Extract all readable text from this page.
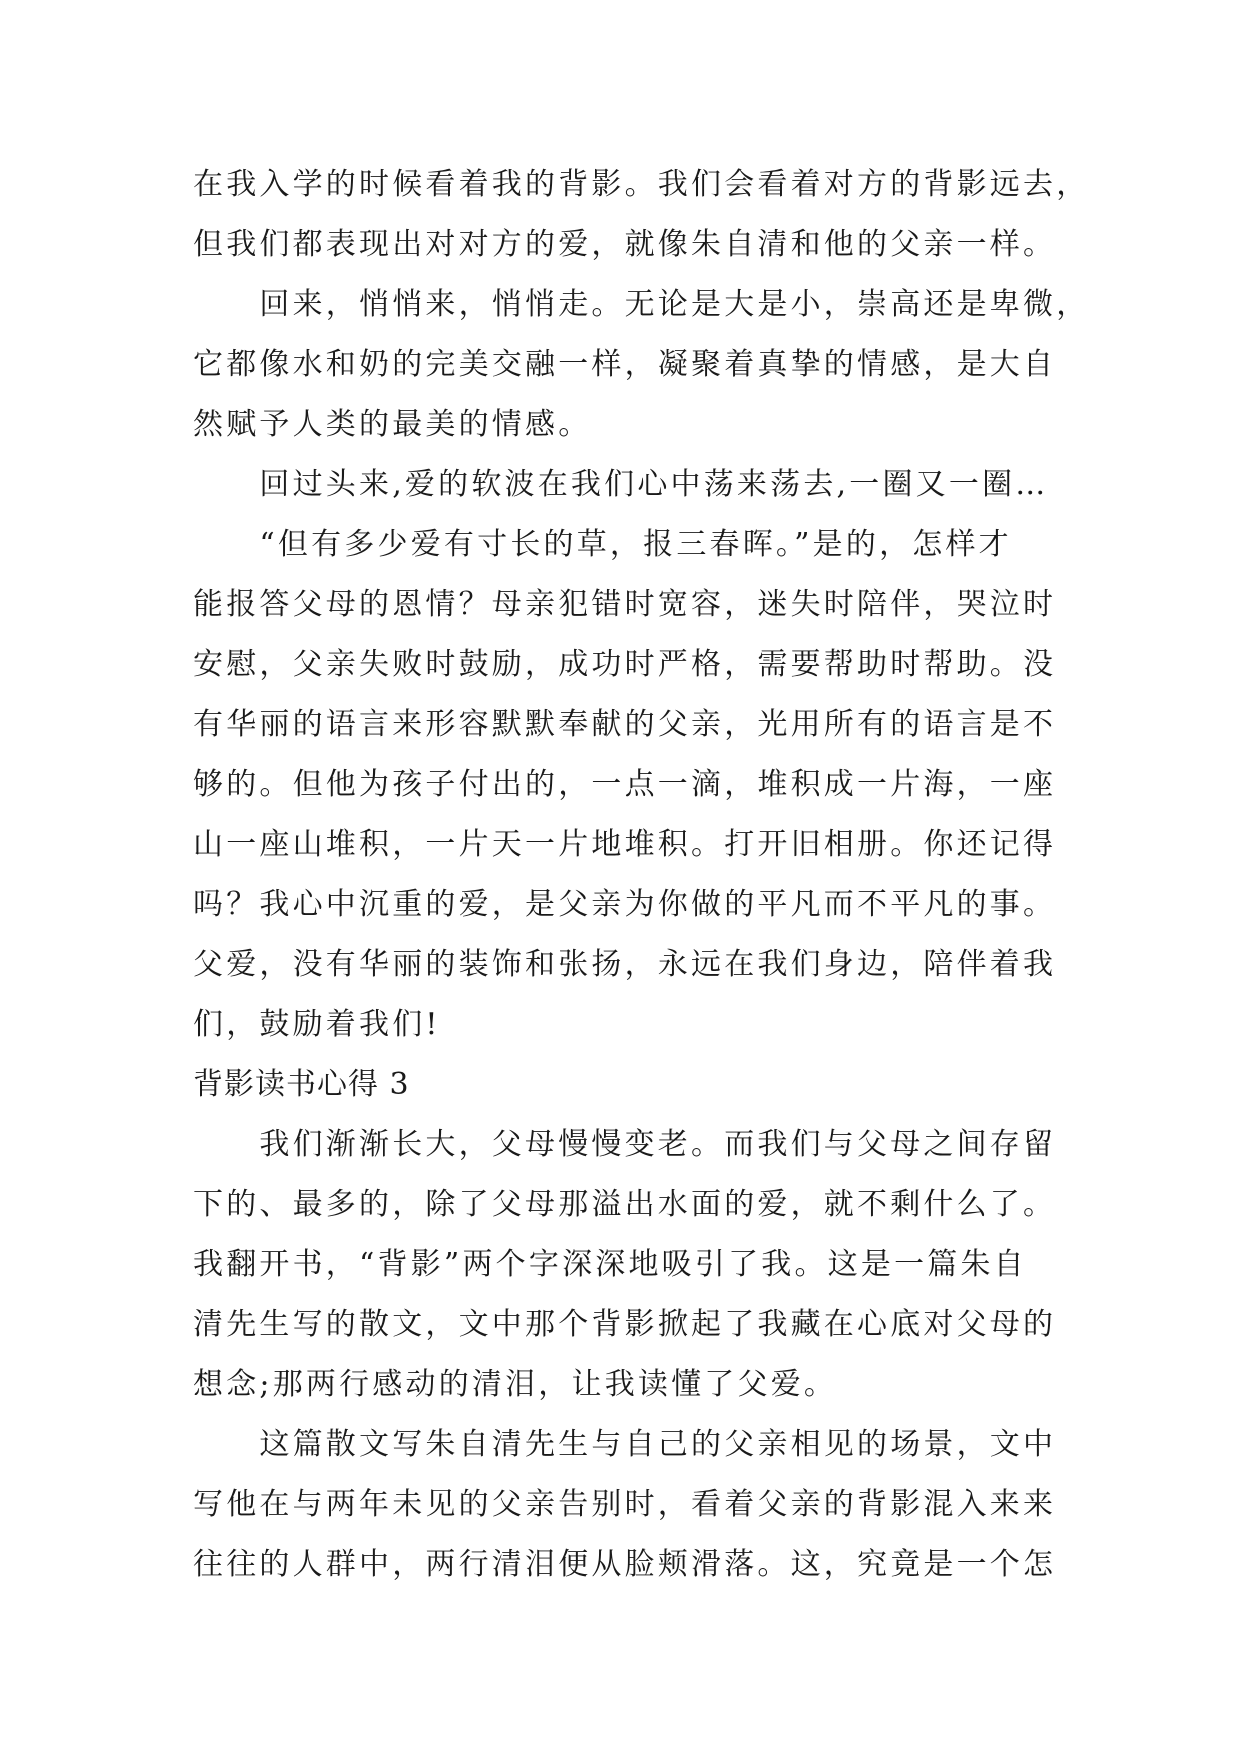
在我入学的时候看着我的背影。我们会看着对方的背影远去，
但我们都表现出对对方的爱，就像朱自清和他的父亲一样。
　　回来，悄悄来，悄悄走。无论是大是小，崇高还是卑微，
它都像水和奶的完美交融一样，凝聚着真挚的情感，是大自
然赋予人类的最美的情感。
　　回过头来,爱的软波在我们心中荡来荡去,一圈又一圈…
　　“但有多少爱有寸长的草，报三春晖。”是的，怎样才
能报答父母的恩情？母亲犯错时宽容，迷失时陪伴，哭泣时
安慰，父亲失败时鼓励，成功时严格，需要帮助时帮助。没
有华丽的语言来形容默默奉献的父亲，光用所有的语言是不
够的。但他为孩子付出的，一点一滴，堆积成一片海，一座
山一座山堆积，一片天一片地堆积。打开旧相册。你还记得
吗？我心中沉重的爱，是父亲为你做的平凡而不平凡的事。
父爱，没有华丽的装饰和张扬，永远在我们身边，陪伴着我
们，鼓励着我们!
背影读书心得 3
　　我们渐渐长大，父母慢慢变老。而我们与父母之间存留
下的、最多的，除了父母那溢出水面的爱，就不剩什么了。
我翻开书，“背影”两个字深深地吸引了我。这是一篇朱自
清先生写的散文，文中那个背影掀起了我藏在心底对父母的
想念;那两行感动的清泪，让我读懂了父爱。
　　这篇散文写朱自清先生与自己的父亲相见的场景，文中
写他在与两年未见的父亲告别时，看着父亲的背影混入来来
往往的人群中，两行清泪便从脸颊滑落。这，究竟是一个怎
